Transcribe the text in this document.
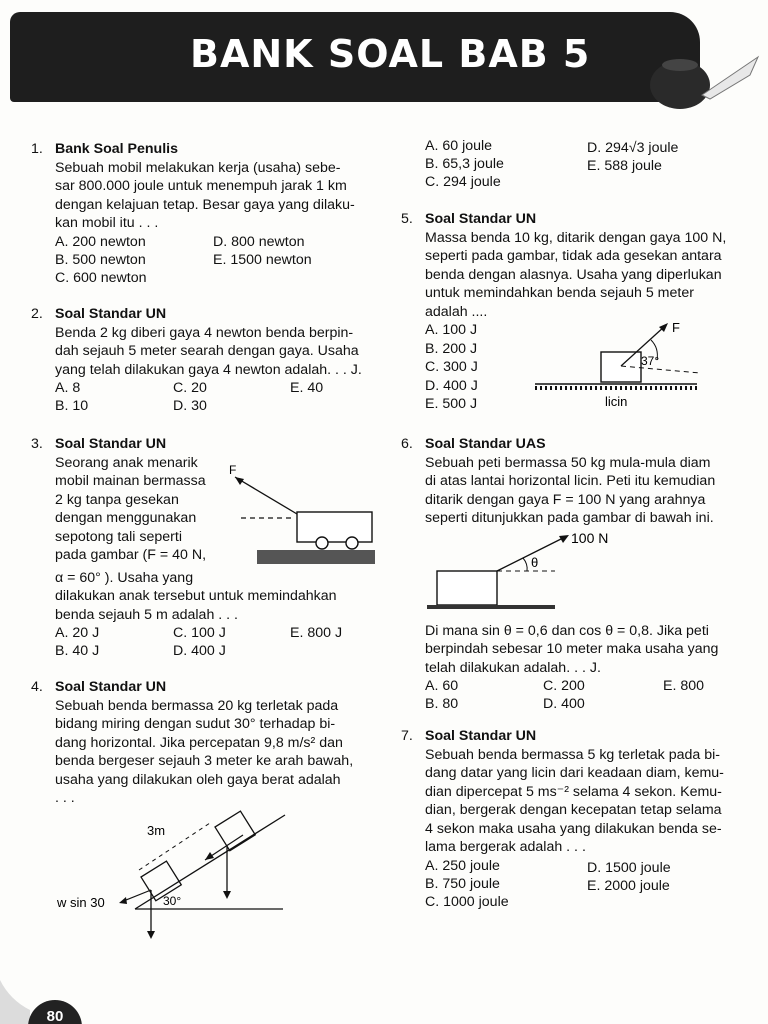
BANK SOAL BAB 5
1. Bank Soal Penulis
Sebuah mobil melakukan kerja (usaha) sebe-
sar 800.000 joule untuk menempuh jarak 1 km
dengan kelajuan tetap. Besar gaya yang dilaku-
kan mobil itu . . .
A. 200 newton	D. 800 newton
B. 500 newton	E. 1500 newton
C. 600 newton
2. Soal Standar UN
Benda 2 kg diberi gaya 4 newton benda berpin-
dah sejauh 5 meter searah dengan gaya. Usaha
yang telah dilakukan gaya 4 newton adalah. . . J.
A. 8	C. 20	E. 40
B. 10	D. 30
3. Soal Standar UN
Seorang anak menarik
mobil mainan bermassa
2 kg tanpa gesekan
dengan menggunakan
sepotong tali seperti
pada gambar (F = 40 N,
α = 60° ). Usaha yang
dilakukan anak tersebut untuk memindahkan
benda sejauh 5 m adalah . . .
A. 20 J	C. 100 J	E. 800 J
B. 40 J	D. 400 J
4. Soal Standar UN
Sebuah benda bermassa 20 kg terletak pada
bidang miring dengan sudut 30° terhadap bi-
dang horizontal. Jika percepatan 9,8 m/s² dan
benda bergeser sejauh 3 meter ke arah bawah,
usaha yang dilakukan oleh gaya berat adalah
. . .
F
3m
w sin 30	30°
A. 60 joule	D. 294√3 joule
B. 65,3 joule	E. 588 joule
C. 294 joule
5. Soal Standar UN
Massa benda 10 kg, ditarik dengan gaya 100 N,
seperti pada gambar, tidak ada gesekan antara
benda dengan alasnya. Usaha yang diperlukan
untuk memindahkan benda sejauh 5 meter
adalah ....
A. 100 J
B. 200 J
C. 300 J
D. 400 J
E. 500 J
6. Soal Standar UAS
Sebuah peti bermassa 50 kg mula-mula diam
di atas lantai horizontal licin. Peti itu kemudian
ditarik dengan gaya F = 100 N yang arahnya
seperti ditunjukkan pada gambar di bawah ini.
Di mana sin θ = 0,6 dan cos θ = 0,8. Jika peti
berpindah sebesar 10 meter maka usaha yang
telah dilakukan adalah. . . J.
A. 60	C. 200	E. 800
B. 80	D. 400
7. Soal Standar UN
Sebuah benda bermassa 5 kg terletak pada bi-
dang datar yang licin dari keadaan diam, kemu-
dian dipercepat 5 ms⁻² selama 4 sekon. Kemu-
dian, bergerak dengan kecepatan tetap selama
4 sekon maka usaha yang dilakukan benda se-
lama bergerak adalah . . .
A. 250 joule	D. 1500 joule
B. 750 joule	E. 2000 joule
C. 1000 joule
F
37°
licin
100 N
θ
80
